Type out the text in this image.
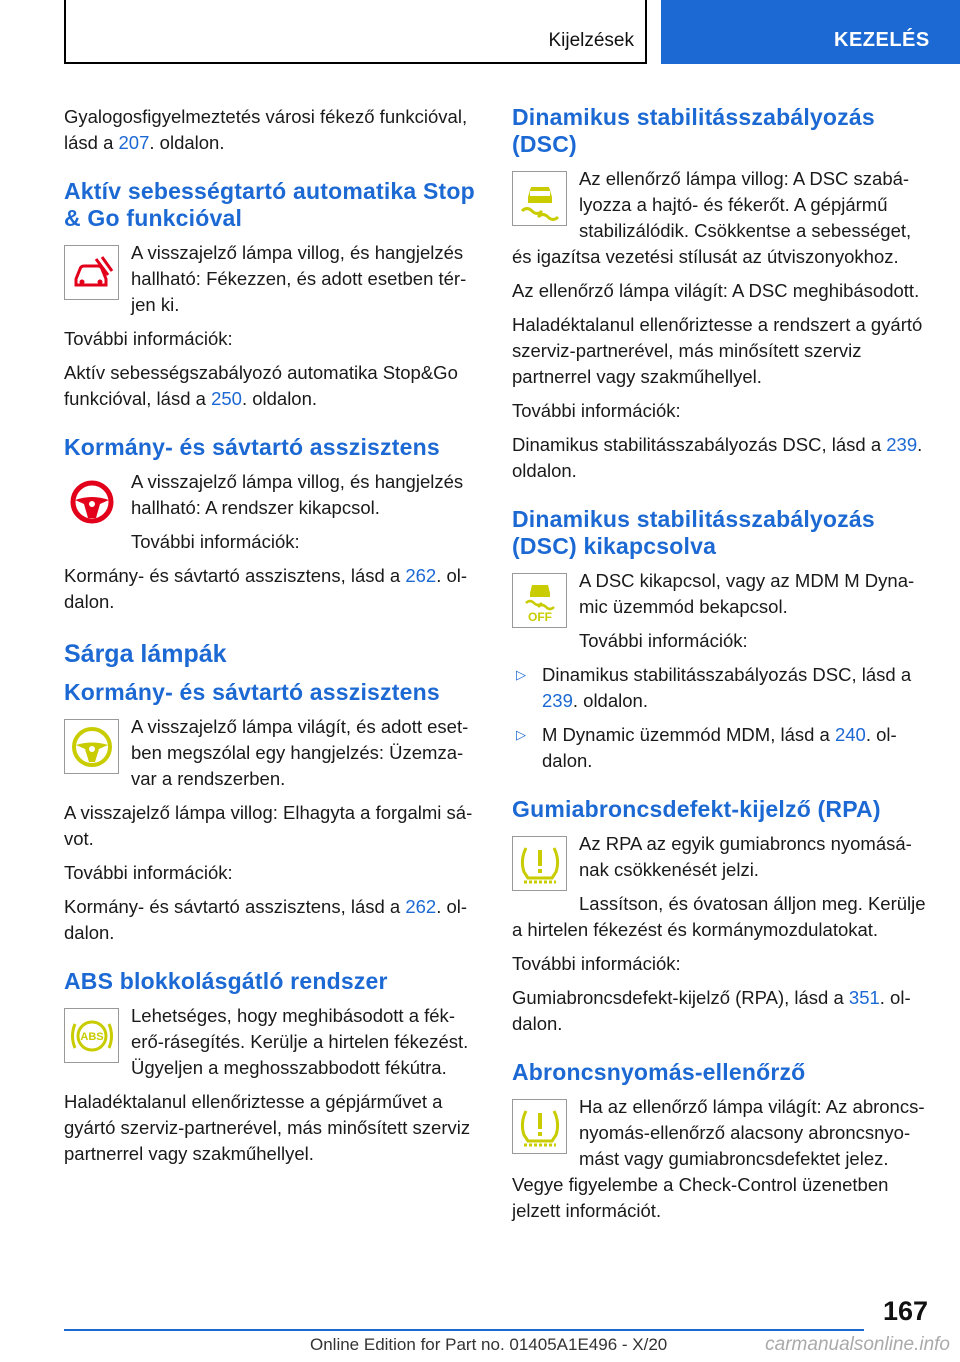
Kijelzések	KEZELÉS

Gyalogosfigyelmeztetés városi fékező funkcióval, lásd a 207. oldalon.

Aktív sebességtartó automatika Stop & Go funkcióval

A visszajelző lámpa villog, és hangjelzés hallható: Fékezzen, és adott esetben térjen ki.

További információk:

Aktív sebességszabályozó automatika Stop&Go funkcióval, lásd a 250. oldalon.

Kormány- és sávtartó asszisztens

A visszajelző lámpa villog, és hangjelzés hallható: A rendszer kikapcsol.

További információk:

Kormány- és sávtartó asszisztens, lásd a 262. oldalon.

Sárga lámpák
Kormány- és sávtartó asszisztens

A visszajelző lámpa világít, és adott esetben megszólal egy hangjelzés: Üzemzavar a rendszerben.

A visszajelző lámpa villog: Elhagyta a forgalmi sávot.

További információk:

Kormány- és sávtartó asszisztens, lásd a 262. oldalon.

ABS blokkolásgátló rendszer
ABS

Lehetséges, hogy meghibásodott a fékerő-rásegítés. Kerülje a hirtelen fékezést. Ügyeljen a meghosszabbodott fékútra.

Haladéktalanul ellenőriztesse a gépjárművet a gyártó szerviz-partnerével, más minősített szerviz partnerrel vagy szakműhellyel.

Dinamikus stabilitásszabályozás (DSC)

Az ellenőrző lámpa villog: A DSC szabályozza a hajtó- és fékerőt. A gépjármű stabilizálódik. Csökkentse a sebességet, és igazítsa vezetési stílusát az útviszonyokhoz.

Az ellenőrző lámpa világít: A DSC meghibásodott.

Haladéktalanul ellenőriztesse a rendszert a gyártó szerviz-partnerével, más minősített szerviz partnerrel vagy szakműhellyel.

További információk:

Dinamikus stabilitásszabályozás DSC, lásd a 239. oldalon.

Dinamikus stabilitásszabályozás (DSC) kikapcsolva
OFF

A DSC kikapcsol, vagy az MDM M Dynamic üzemmód bekapcsol.

További információk:

▷ Dinamikus stabilitásszabályozás DSC, lásd a 239. oldalon.
▷ M Dynamic üzemmód MDM, lásd a 240. oldalon.
Gumiabroncsdefekt-kijelző (RPA)

Az RPA az egyik gumiabroncs nyomásának csökkenését jelzi.

Lassítson, és óvatosan álljon meg. Kerülje a hirtelen fékezést és kormánymozdulatokat.

További információk:

Gumiabroncsdefekt-kijelző (RPA), lásd a 351. oldalon.

Abroncsnyomás-ellenőrző

Ha az ellenőrző lámpa világít: Az abroncsnyomás-ellenőrző alacsony abroncsnyomást vagy gumiabroncsdefektet jelez. Vegye figyelembe a Check-Control üzenetben jelzett információt.

167
Online Edition for Part no. 01405A1E496 - X/20	carmanualsonline.info
